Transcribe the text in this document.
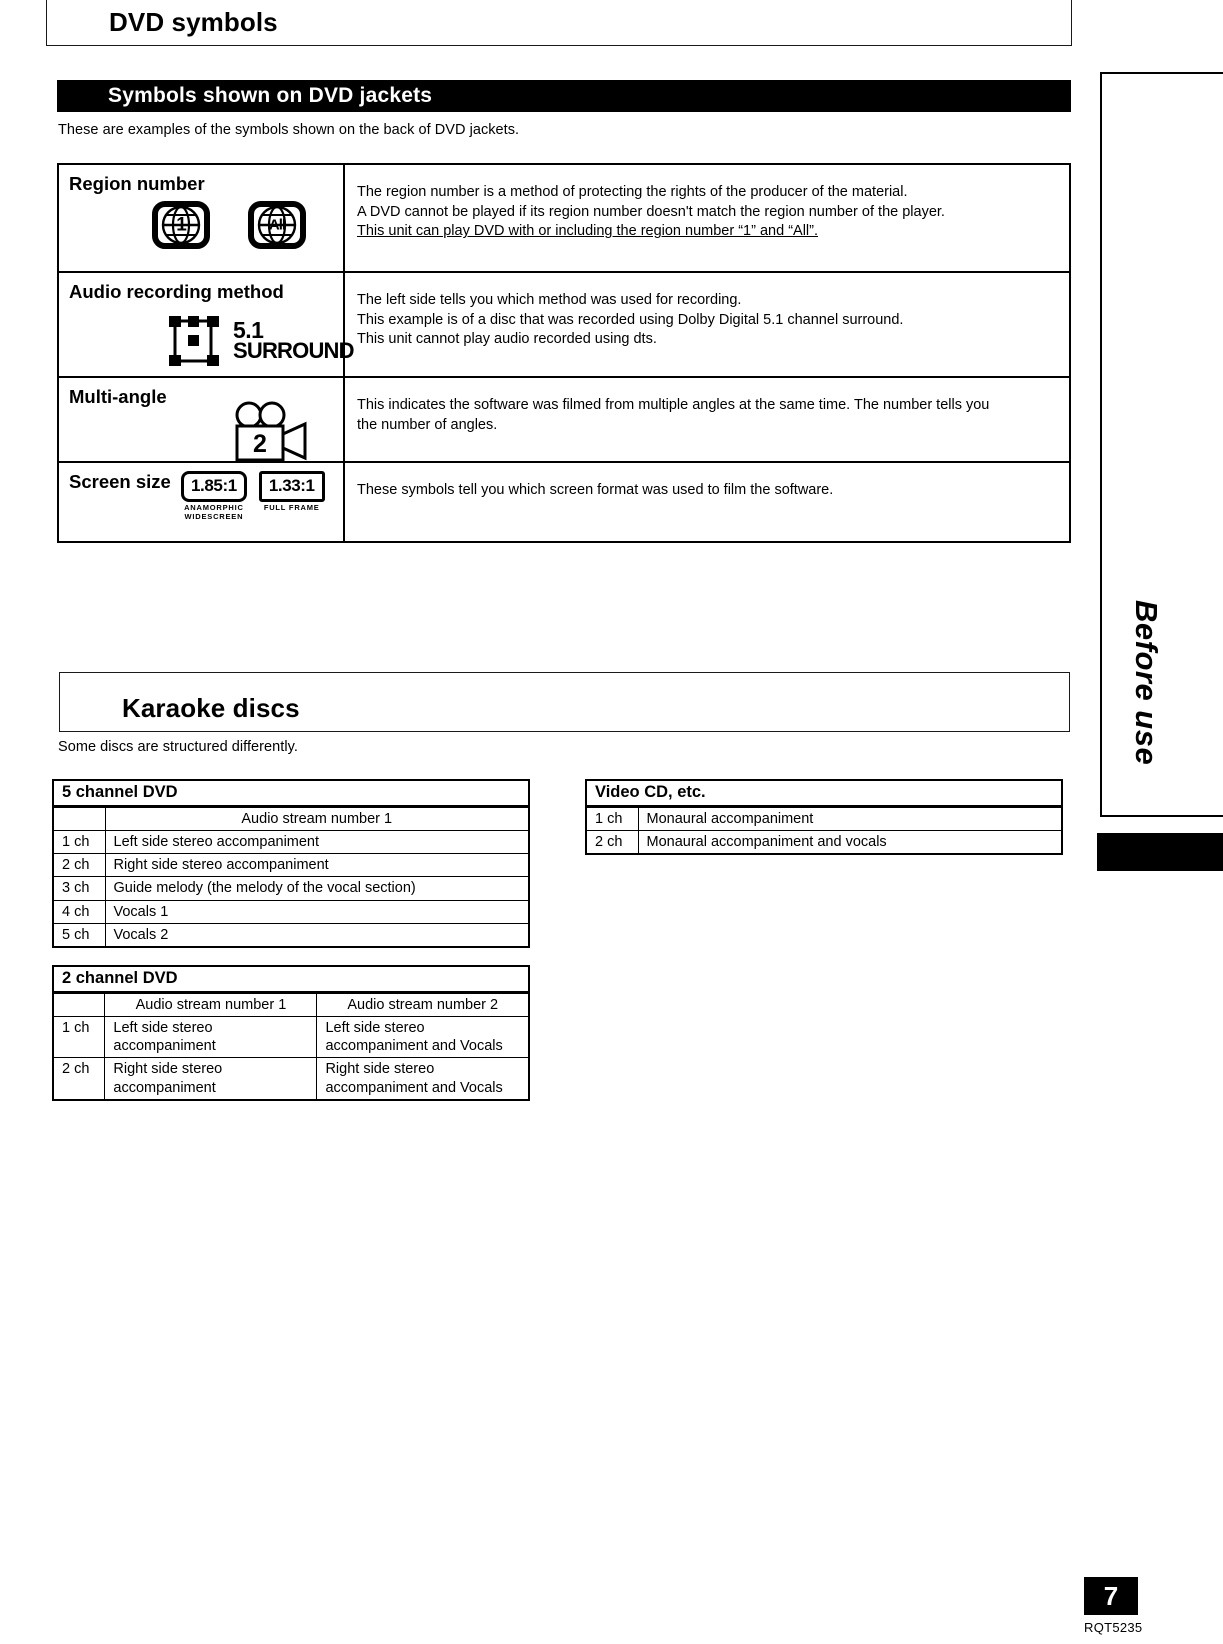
DVD symbols
Symbols shown on DVD jackets
These are examples of the symbols shown on the back of DVD jackets.
Region number
1	All

The region number is a method of protecting the rights of the producer of the material.
A DVD cannot be played if its region number doesn't match the region number of the player.
This unit can play DVD with or including the region number “1” and “All”.

Audio recording method
5.1
SURROUND

The left side tells you which method was used for recording.
This example is of a disc that was recorded using Dolby Digital 5.1 channel surround.
This unit cannot play audio recorded using dts.

Multi-angle
2

This indicates the software was filmed from multiple angles at the same time. The number tells you
the number of angles.

Screen size	1.85:1
ANAMORPHIC
WIDESCREEN
1.33:1
FULL FRAME

These symbols tell you which screen format was used to film the software.
Karaoke discs
Some discs are structured differently.
5 channel DVD
	Audio stream number 1
1 ch	Left side stereo accompaniment
2 ch	Right side stereo accompaniment
3 ch	Guide melody (the melody of the vocal section)
4 ch	Vocals 1
5 ch	Vocals 2
2 channel DVD
	Audio stream number 1	Audio stream number 2
1 ch	Left side stereo accompaniment	Left side stereo accompaniment and Vocals
2 ch	Right side stereo accompaniment	Right side stereo accompaniment and Vocals
Video CD, etc.
1 ch	Monaural accompaniment
2 ch	Monaural accompaniment and vocals
Before use
7
RQT5235
